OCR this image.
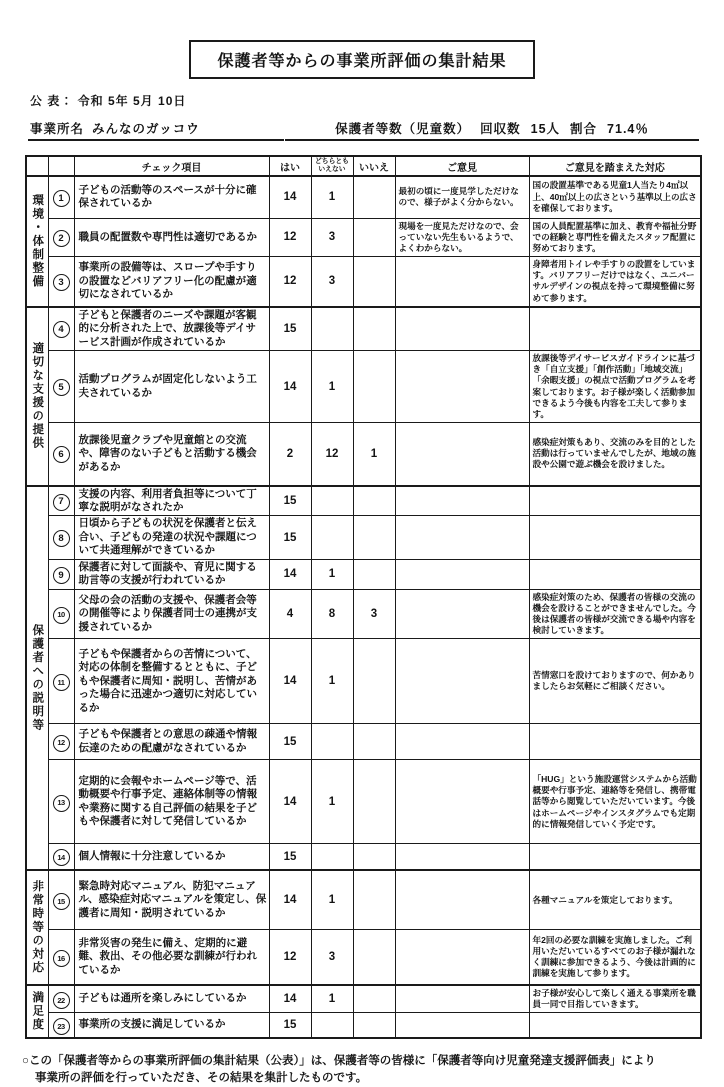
保護者等からの事業所評価の集計結果
公 表： 令和 5年 5月 10日
事業所名 みんなのガッコウ	保護者等数（児童数） 回収数 15人 割合 71.4％
		チェック項目	はい	どちらともいえない	いいえ	ご意見	ご意見を踏まえた対応
環境・体制整備	1	子どもの活動等のスペースが十分に確保されているか	14	1		最初の頃に一度見学しただけなので、様子がよく分からない。	国の設置基準である児童1人当たり4㎡以上、40㎡以上の広さという基準以上の広さを確保しております。
	2	職員の配置数や専門性は適切であるか	12	3		現場を一度見ただけなので、会っていない先生もいるようで、よくわからない。	国の人員配置基準に加え、教育や福祉分野での経験と専門性を備えたスタッフ配置に努めております。
	3	事業所の設備等は、スロープや手すりの設置などバリアフリー化の配慮が適切になされているか	12	3			身障者用トイレや手すりの設置をしています。バリアフリーだけではなく、ユニバーサルデザインの視点を持って環境整備に努めて参ります。
適切な支援の提供	4	子どもと保護者のニーズや課題が客観的に分析された上で、放課後等デイサービス計画が作成されているか	15				
	5	活動プログラムが固定化しないよう工夫されているか	14	1			放課後等デイサービスガイドラインに基づき「自立支援」「創作活動」「地域交流」「余暇支援」の視点で活動プログラムを考案しております。お子様が楽しく活動参加できるよう今後も内容を工夫して参ります。
	6	放課後児童クラブや児童館との交流や、障害のない子どもと活動する機会があるか	2	12	1		感染症対策もあり、交流のみを目的とした活動は行っていませんでしたが、地域の施設や公園で遊ぶ機会を設けました。
保護者への説明等	7	支援の内容、利用者負担等について丁寧な説明がなされたか	15				
	8	日頃から子どもの状況を保護者と伝え合い、子どもの発達の状況や課題について共通理解ができているか	15				
	9	保護者に対して面談や、育児に関する助言等の支援が行われているか	14	1			
	10	父母の会の活動の支援や、保護者会等の開催等により保護者同士の連携が支援されているか	4	8	3		感染症対策のため、保護者の皆様の交流の機会を設けることができませんでした。今後は保護者の皆様が交流できる場や内容を検討していきます。
	11	子どもや保護者からの苦情について、対応の体制を整備するとともに、子どもや保護者に周知・説明し、苦情があった場合に迅速かつ適切に対応しているか	14	1			苦情窓口を設けておりますので、何かありましたらお気軽にご相談ください。
	12	子どもや保護者との意思の疎通や情報伝達のための配慮がなされているか	15				
	13	定期的に会報やホームページ等で、活動概要や行事予定、連絡体制等の情報や業務に関する自己評価の結果を子どもや保護者に対して発信しているか	14	1			「HUG」という施設運営システムから活動概要や行事予定、連絡等を発信し、携帯電話等から閲覧していただいています。今後はホームページやインスタグラムでも定期的に情報発信していく予定です。
	14	個人情報に十分注意しているか	15				
非常時等の対応	15	緊急時対応マニュアル、防犯マニュアル、感染症対応マニュアルを策定し、保護者に周知・説明されているか	14	1			各種マニュアルを策定しております。
	16	非常災害の発生に備え、定期的に避難、救出、その他必要な訓練が行われているか	12	3			年2回の必要な訓練を実施しました。ご利用いただいているすべてのお子様が漏れなく訓練に参加できるよう、今後は計画的に訓練を実施して参ります。
満足度	22	子どもは通所を楽しみにしているか	14	1			お子様が安心して楽しく通える事業所を職員一同で目指していきます。
	23	事業所の支援に満足しているか	15				
○この「保護者等からの事業所評価の集計結果（公表）」は、保護者等の皆様に「保護者等向け児童発達支援評価表」により
事業所の評価を行っていただき、その結果を集計したものです。
